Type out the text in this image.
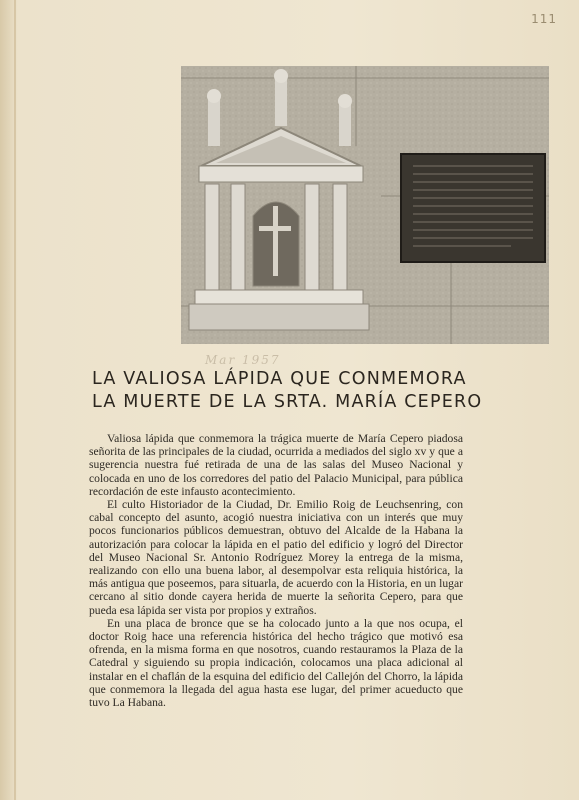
111
Mar 1957
LA VALIOSA LÁPIDA QUE CONMEMORA
LA MUERTE DE LA SRTA. MARÍA CEPERO

Valiosa lápida que conmemora la trágica muerte de María Cepero piadosa señorita de las principales de la ciudad, ocurrida a mediados del siglo xv y que a sugerencia nuestra fué retirada de una de las salas del Museo Nacional y colocada en uno de los corredores del patio del Palacio Municipal, para pública recordación de este infausto acontecimiento.

El culto Historiador de la Ciudad, Dr. Emilio Roig de Leuchsenring, con cabal concepto del asunto, acogió nuestra iniciativa con un interés que muy pocos funcionarios públicos demuestran, obtuvo del Alcalde de la Habana la autorización para colocar la lápida en el patio del edificio y logró del Director del Museo Nacional Sr. Antonio Rodríguez Morey la entrega de la misma, realizando con ello una buena labor, al desempolvar esta reliquia histórica, la más antigua que poseemos, para situarla, de acuerdo con la Historia, en un lugar cercano al sitio donde cayera herida de muerte la señorita Cepero, para que pueda esa lápida ser vista por propios y extraños.

En una placa de bronce que se ha colocado junto a la que nos ocupa, el doctor Roig hace una referencia histórica del hecho trágico que motivó esa ofrenda, en la misma forma en que nosotros, cuando restauramos la Plaza de la Catedral y siguiendo su propia indicación, colocamos una placa adicional al instalar en el chaflán de la esquina del edificio del Callejón del Chorro, la lápida que conmemora la llegada del agua hasta ese lugar, del primer acueducto que tuvo La Habana.
